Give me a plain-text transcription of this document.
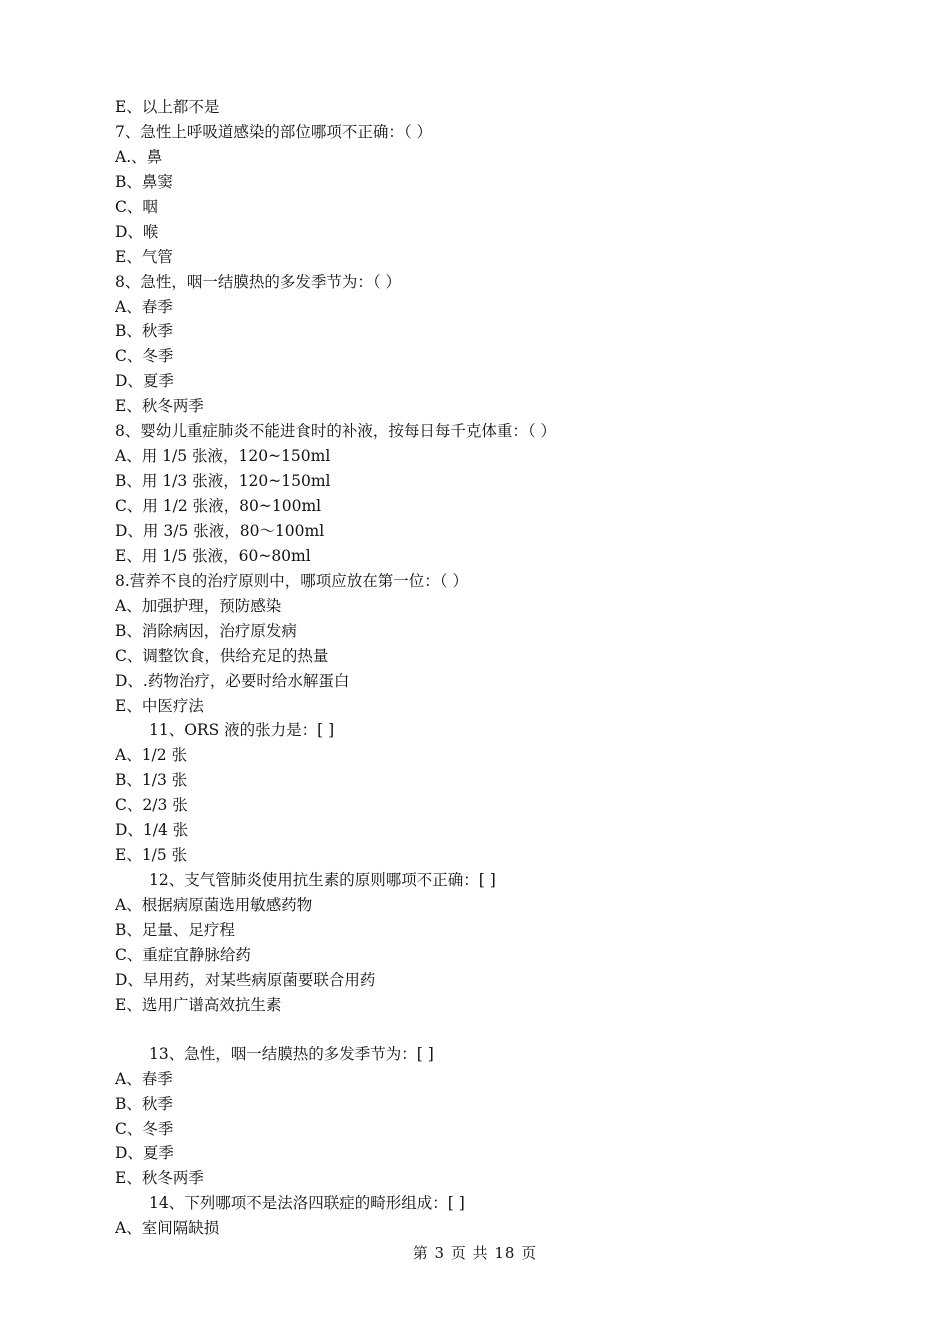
E、以上都不是
7、急性上呼吸道感染的部位哪项不正确：（ ）
A.、鼻
B、鼻窦
C、咽
D、喉
E、气管
8、急性，咽一结膜热的多发季节为：（ ）
A、春季
B、秋季
C、冬季
D、夏季
E、秋冬两季
8、婴幼儿重症肺炎不能进食时的补液，按每日每千克体重：（ ）
A、用 1/5 张液，120~150ml
B、用 1/3 张液，120~150ml
C、用 1/2 张液，80~100ml
D、用 3/5 张液，80～100ml
E、用 1/5 张液，60~80ml
8.营养不良的治疗原则中，哪项应放在第一位：（ ）
A、加强护理，预防感染
B、消除病因，治疗原发病
C、调整饮食，供给充足的热量
D、.药物治疗，必要时给水解蛋白
E、中医疗法
11、ORS 液的张力是：[ ]
A、1/2 张
B、1/3 张
C、2/3 张
D、1/4 张
E、1/5 张
12、支气管肺炎使用抗生素的原则哪项不正确：[ ]
A、根据病原菌选用敏感药物
B、足量、足疗程
C、重症宜静脉给药
D、早用药，对某些病原菌要联合用药
E、选用广谱高效抗生素
13、急性，咽一结膜热的多发季节为：[ ]
A、春季
B、秋季
C、冬季
D、夏季
E、秋冬两季
14、下列哪项不是法洛四联症的畸形组成：[ ]
A、室间隔缺损
第 3 页 共 18 页
